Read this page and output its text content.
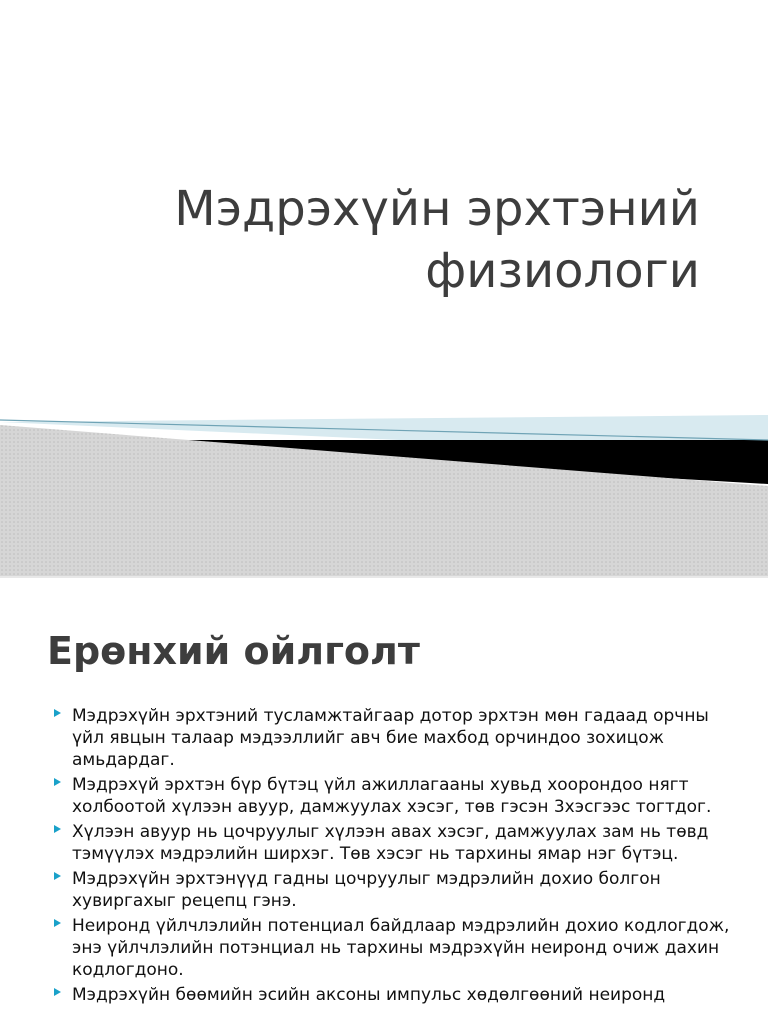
Мэдрэхүйн эрхтэний
физиологи
Ерөнхий ойлголт
Мэдрэхүйн эрхтэний тусламжтайгаар дотор эрхтэн мөн гадаад орчны үйл явцын талаар мэдээллийг авч бие махбод орчиндоо зохицож амьдардаг.
Мэдрэхүй эрхтэн бүр бүтэц үйл ажиллагааны хувьд хоорондоо нягт холбоотой хүлээн авуур, дамжуулах хэсэг, төв гэсэн 3хэсгээс тогтдог.
Хүлээн авуур нь цочруулыг хүлээн авах хэсэг, дамжуулах зам нь төвд тэмүүлэх мэдрэлийн ширхэг. Төв хэсэг нь тархины ямар нэг бүтэц.
Мэдрэхүйн эрхтэнүүд гадны цочруулыг мэдрэлийн дохио болгон хувиргахыг рецепц гэнэ.
Неиронд үйлчлэлийн потенциал байдлаар мэдрэлийн дохио кодлогдож, энэ үйлчлэлийн потэнциал нь тархины мэдрэхүйн неиронд очиж дахин кодлогдоно.
Мэдрэхүйн бөөмийн эсийн аксоны импульс хөдөлгөөний неиронд
